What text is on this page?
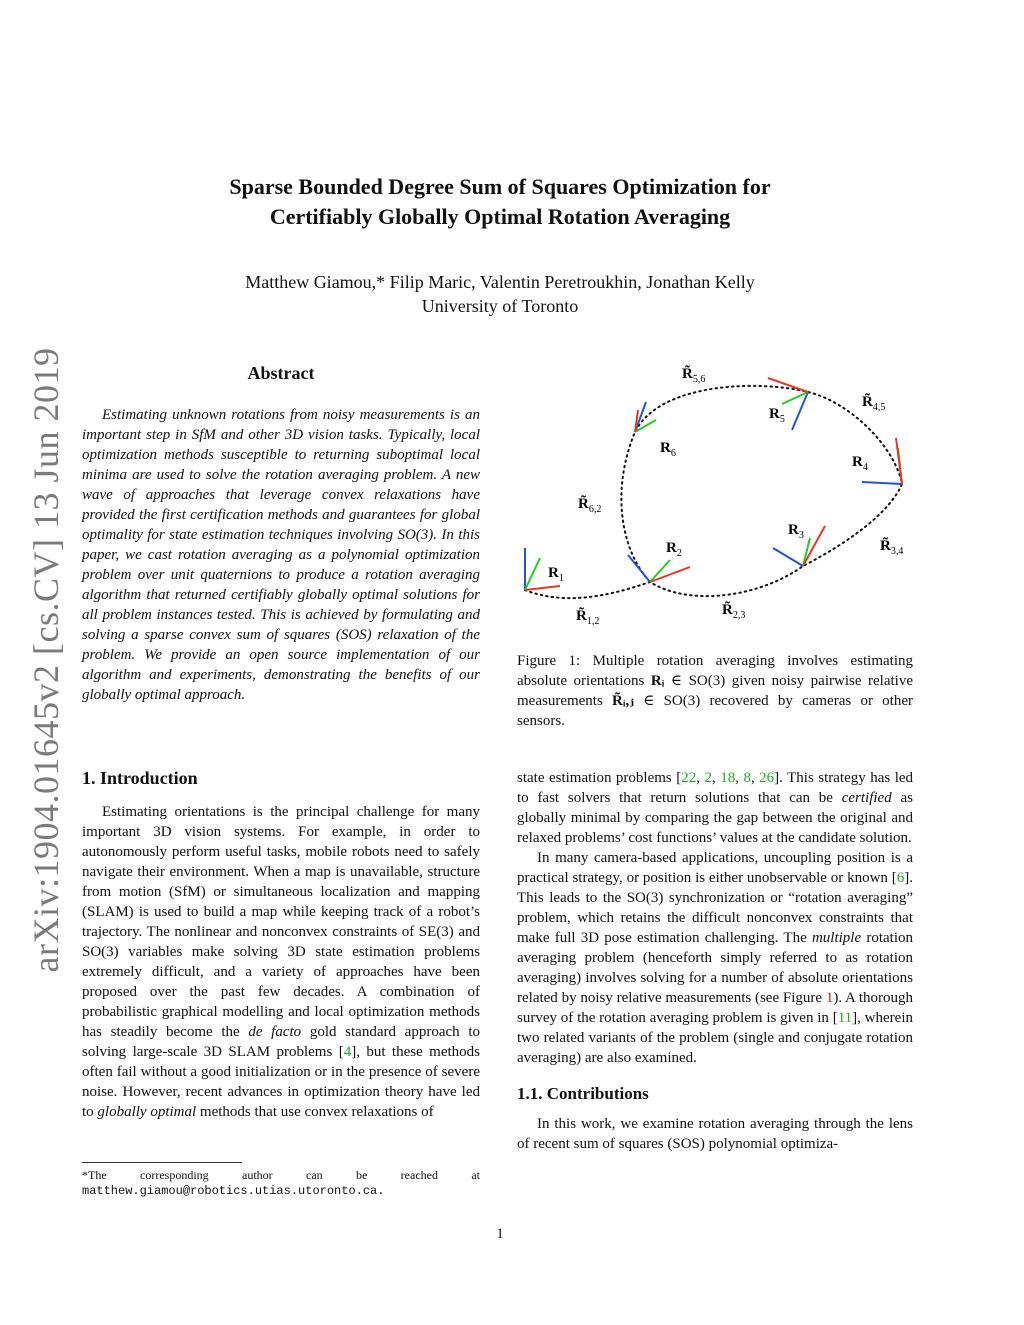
Sparse Bounded Degree Sum of Squares Optimization for
Certifiably Globally Optimal Rotation Averaging
Matthew Giamou,* Filip Maric, Valentin Peretroukhin, Jonathan Kelly
University of Toronto
arXiv:1904.01645v2 [cs.CV] 13 Jun 2019	Abstract
Estimating unknown rotations from noisy measurements is an important step in SfM and other 3D vision tasks. Typically, local optimization methods susceptible to returning suboptimal local minima are used to solve the rotation averaging problem. A new wave of approaches that leverage convex relaxations have provided the first certification methods and guarantees for global optimality for state estimation techniques involving SO(3). In this paper, we cast rotation averaging as a polynomial optimization problem over unit quaternions to produce a rotation averaging algorithm that returned certifiably globally optimal solutions for all problem instances tested. This is achieved by formulating and solving a sparse convex sum of squares (SOS) relaxation of the problem. We provide an open source implementation of our algorithm and experiments, demonstrating the benefits of our globally optimal approach.
1. Introduction

Estimating orientations is the principal challenge for many important 3D vision systems. For example, in order to autonomously perform useful tasks, mobile robots need to safely navigate their environment. When a map is unavailable, structure from motion (SfM) or simultaneous localization and mapping (SLAM) is used to build a map while keeping track of a robot’s trajectory. The nonlinear and nonconvex constraints of SE(3) and SO(3) variables make solving 3D state estimation problems extremely difficult, and a variety of approaches have been proposed over the past few decades. A combination of probabilistic graphical modelling and local optimization methods has steadily become the de facto gold standard approach to solving large-scale 3D SLAM problems [4], but these methods often fail without a good initialization or in the presence of severe noise. However, recent advances in optimization theory have led to globally optimal methods that use convex relaxations of

*The corresponding author can be reached at
matthew.giamou@robotics.utias.utoronto.ca.
$R_1$
$R_2$
$R_3$
$R_4$
$R_5$
$R_6$
$R̃_{1,2}$
$R̃_{2,3}$
$R̃_{3,4}$
$R̃_{4,5}$
$R̃_{5,6}$
$R̃_{6,2}$
Figure 1: Multiple rotation averaging involves estimating absolute orientations Rᵢ ∈ SO(3) given noisy pairwise relative measurements R̃ᵢ,ⱼ ∈ SO(3) recovered by cameras or other sensors.

state estimation problems [22, 2, 18, 8, 26]. This strategy has led to fast solvers that return solutions that can be certified as globally minimal by comparing the gap between the original and relaxed problems’ cost functions’ values at the candidate solution.

In many camera-based applications, uncoupling position is a practical strategy, or position is either unobservable or known [6]. This leads to the SO(3) synchronization or “rotation averaging” problem, which retains the difficult nonconvex constraints that make full 3D pose estimation challenging. The multiple rotation averaging problem (henceforth simply referred to as rotation averaging) involves solving for a number of absolute orientations related by noisy relative measurements (see Figure 1). A thorough survey of the rotation averaging problem is given in [11], wherein two related variants of the problem (single and conjugate rotation averaging) are also examined.

1.1. Contributions

In this work, we examine rotation averaging through the lens of recent sum of squares (SOS) polynomial optimiza-

1
